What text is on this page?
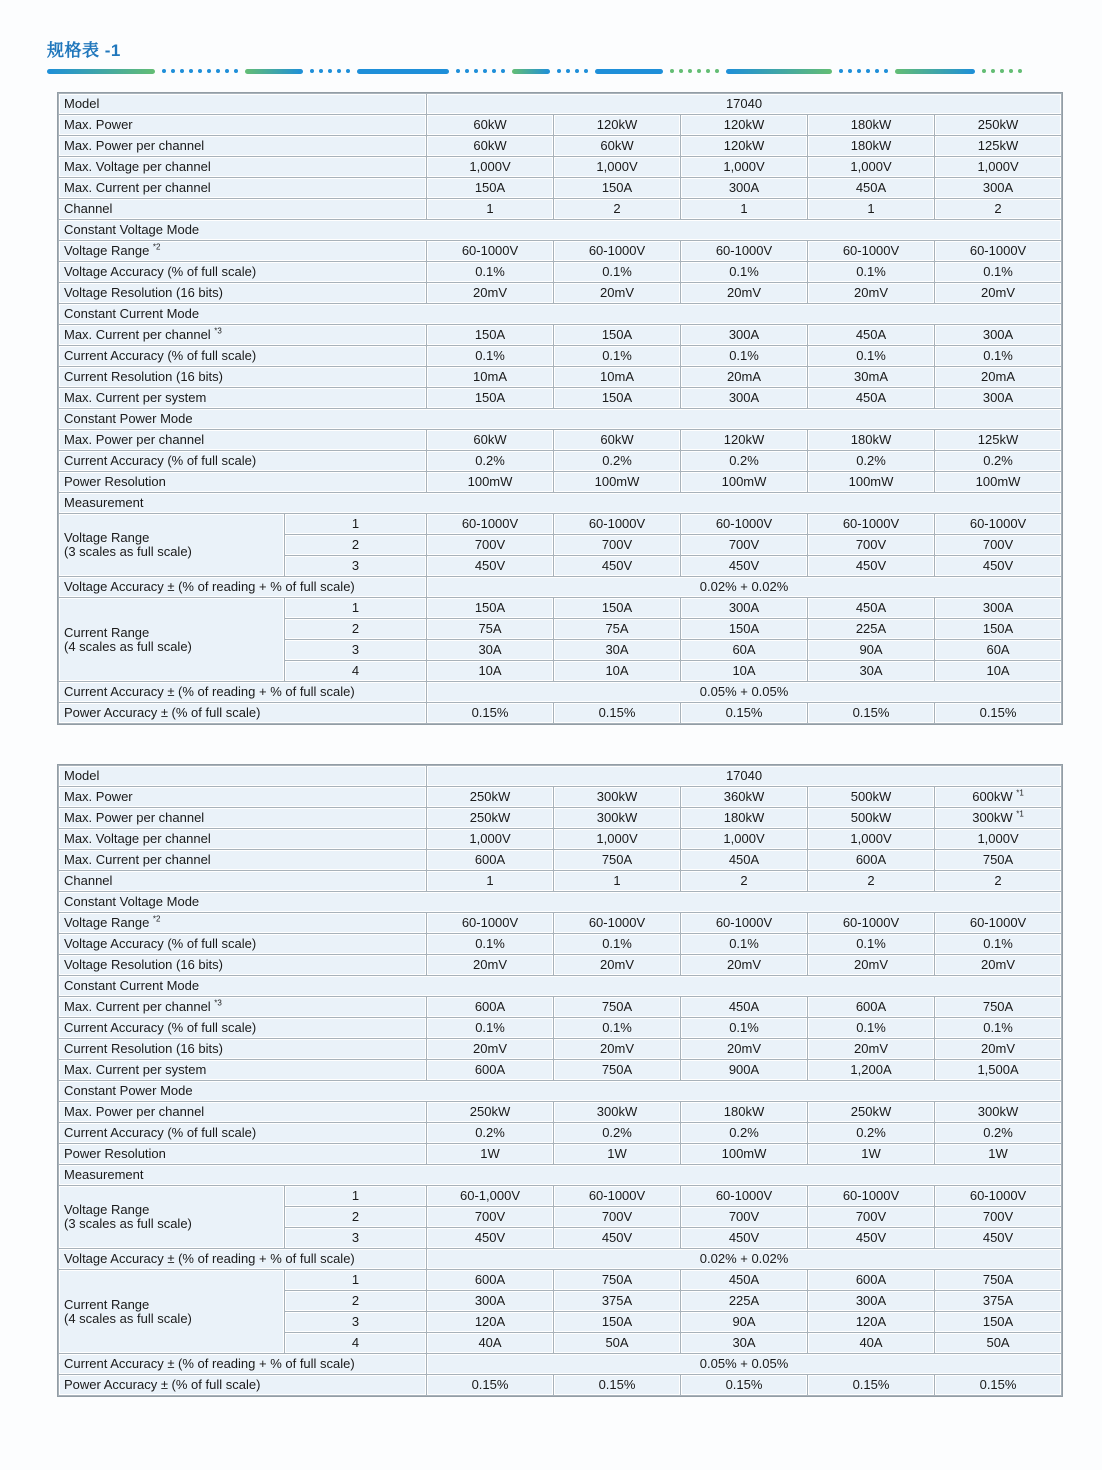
规格表 -1
Model		17040				
Max. Power		60kW	120kW	120kW	180kW	250kW
Max. Power per channel		60kW	60kW	120kW	180kW	125kW
Max. Voltage per channel		1,000V	1,000V	1,000V	1,000V	1,000V
Max. Current per channel		150A	150A	300A	450A	300A
Channel		1	2	1	1	2
Constant Voltage Mode						
Voltage Range $^{*2}$		60-1000V	60-1000V	60-1000V	60-1000V	60-1000V
Voltage Accuracy (% of full scale)		0.1%	0.1%	0.1%	0.1%	0.1%
Voltage Resolution (16 bits)		20mV	20mV	20mV	20mV	20mV
Constant Current Mode						
Max. Current per channel $^{*3}$		150A	150A	300A	450A	300A
Current Accuracy (% of full scale)		0.1%	0.1%	0.1%	0.1%	0.1%
Current Resolution (16 bits)		10mA	10mA	20mA	30mA	20mA
Max. Current per system		150A	150A	300A	450A	300A
Constant Power Mode						
Max. Power per channel		60kW	60kW	120kW	180kW	125kW
Current Accuracy (% of full scale)		0.2%	0.2%	0.2%	0.2%	0.2%
Power Resolution		100mW	100mW	100mW	100mW	100mW
Measurement						
Voltage Range
(3 scales as full scale)	1	60-1000V	60-1000V	60-1000V	60-1000V	60-1000V
	2	700V	700V	700V	700V	700V
	3	450V	450V	450V	450V	450V
Voltage Accuracy ± (% of reading + % of full scale)		0.02% + 0.02%				
Current Range
(4 scales as full scale)	1	150A	150A	300A	450A	300A
	2	75A	75A	150A	225A	150A
	3	30A	30A	60A	90A	60A
	4	10A	10A	10A	30A	10A
Current Accuracy ± (% of reading + % of full scale)		0.05% + 0.05%				
Power Accuracy ± (% of full scale)		0.15%	0.15%	0.15%	0.15%	0.15%
Model		17040				
Max. Power		250kW	300kW	360kW	500kW	600kW $^{*1}$
Max. Power per channel		250kW	300kW	180kW	500kW	300kW $^{*1}$
Max. Voltage per channel		1,000V	1,000V	1,000V	1,000V	1,000V
Max. Current per channel		600A	750A	450A	600A	750A
Channel		1	1	2	2	2
Constant Voltage Mode						
Voltage Range $^{*2}$		60-1000V	60-1000V	60-1000V	60-1000V	60-1000V
Voltage Accuracy (% of full scale)		0.1%	0.1%	0.1%	0.1%	0.1%
Voltage Resolution (16 bits)		20mV	20mV	20mV	20mV	20mV
Constant Current Mode						
Max. Current per channel $^{*3}$		600A	750A	450A	600A	750A
Current Accuracy (% of full scale)		0.1%	0.1%	0.1%	0.1%	0.1%
Current Resolution (16 bits)		20mV	20mV	20mV	20mV	20mV
Max. Current per system		600A	750A	900A	1,200A	1,500A
Constant Power Mode						
Max. Power per channel		250kW	300kW	180kW	250kW	300kW
Current Accuracy (% of full scale)		0.2%	0.2%	0.2%	0.2%	0.2%
Power Resolution		1W	1W	100mW	1W	1W
Measurement						
Voltage Range
(3 scales as full scale)	1	60-1,000V	60-1000V	60-1000V	60-1000V	60-1000V
	2	700V	700V	700V	700V	700V
	3	450V	450V	450V	450V	450V
Voltage Accuracy ± (% of reading + % of full scale)		0.02% + 0.02%				
Current Range
(4 scales as full scale)	1	600A	750A	450A	600A	750A
	2	300A	375A	225A	300A	375A
	3	120A	150A	90A	120A	150A
	4	40A	50A	30A	40A	50A
Current Accuracy ± (% of reading + % of full scale)		0.05% + 0.05%				
Power Accuracy ± (% of full scale)		0.15%	0.15%	0.15%	0.15%	0.15%
